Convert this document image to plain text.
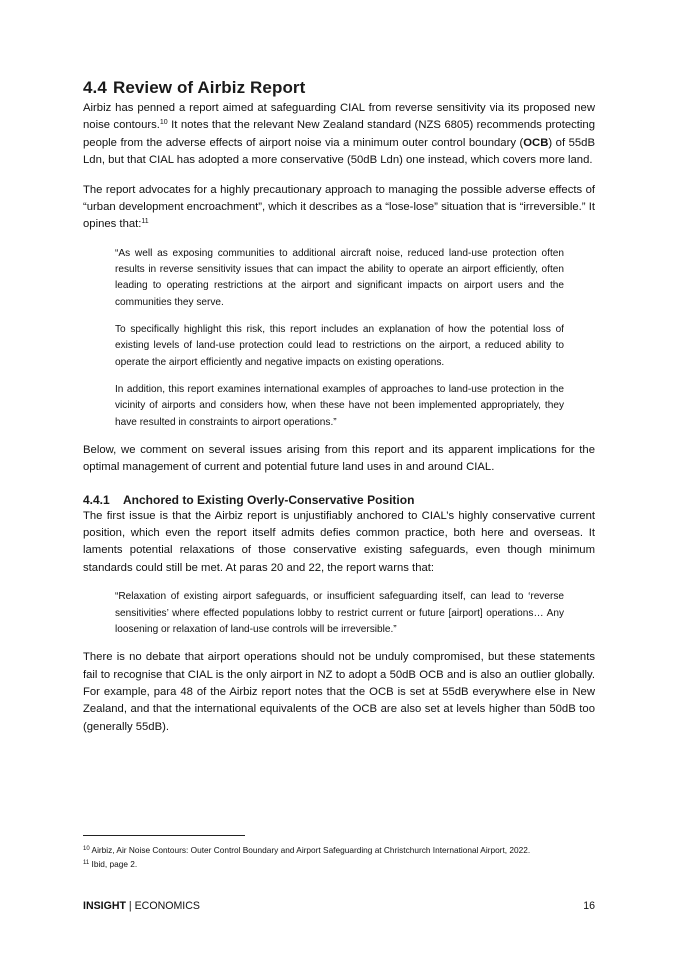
4.4 Review of Airbiz Report

Airbiz has penned a report aimed at safeguarding CIAL from reverse sensitivity via its proposed new noise contours.$^{10}$ It notes that the relevant New Zealand standard (NZS 6805) recommends protecting people from the adverse effects of airport noise via a minimum outer control boundary (OCB) of 55dB Ldn, but that CIAL has adopted a more conservative (50dB Ldn) one instead, which covers more land.

The report advocates for a highly precautionary approach to managing the possible adverse effects of “urban development encroachment”, which it describes as a “lose-lose” situation that is “irreversible.” It opines that:$^{11}$

“As well as exposing communities to additional aircraft noise, reduced land-use protection often results in reverse sensitivity issues that can impact the ability to operate an airport efficiently, often leading to operating restrictions at the airport and significant impacts on airport users and the communities they serve.

To specifically highlight this risk, this report includes an explanation of how the potential loss of existing levels of land-use protection could lead to restrictions on the airport, a reduced ability to operate the airport efficiently and negative impacts on existing operations.

In addition, this report examines international examples of approaches to land-use protection in the vicinity of airports and considers how, when these have not been implemented appropriately, they have resulted in constraints to airport operations.”

Below, we comment on several issues arising from this report and its apparent implications for the optimal management of current and potential future land uses in and around CIAL.

4.4.1 Anchored to Existing Overly-Conservative Position

The first issue is that the Airbiz report is unjustifiably anchored to CIAL’s highly conservative current position, which even the report itself admits defies common practice, both here and overseas. It laments potential relaxations of those conservative existing safeguards, even though minimum standards could still be met. At paras 20 and 22, the report warns that:

“Relaxation of existing airport safeguards, or insufficient safeguarding itself, can lead to ‘reverse sensitivities’ where effected populations lobby to restrict current or future [airport] operations… Any loosening or relaxation of land-use controls will be irreversible.”

There is no debate that airport operations should not be unduly compromised, but these statements fail to recognise that CIAL is the only airport in NZ to adopt a 50dB OCB and is also an outlier globally. For example, para 48 of the Airbiz report notes that the OCB is set at 55dB everywhere else in New Zealand, and that the international equivalents of the OCB are also set at levels higher than 50dB too (generally 55dB).

$^{10}$ Airbiz, Air Noise Contours: Outer Control Boundary and Airport Safeguarding at Christchurch International Airport, 2022.
$^{11}$ Ibid, page 2.
INSIGHT | ECONOMICS	16
